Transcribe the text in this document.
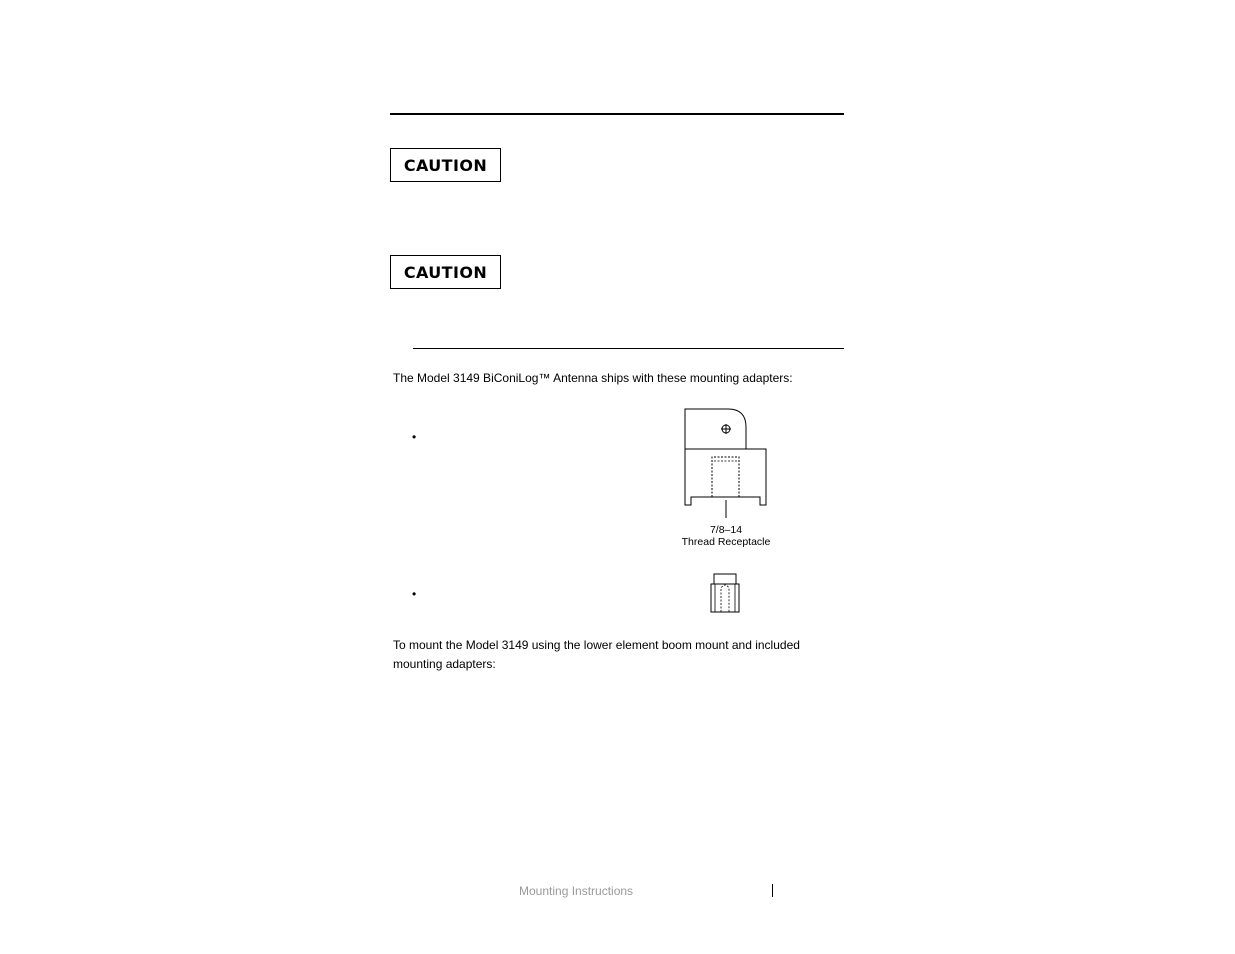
CAUTION
CAUTION
The Model 3149 BiConiLog™ Antenna ships with these mounting adapters:
•
7/8–14
Thread Receptacle
•
To mount the Model 3149 using the lower element boom mount and included mounting adapters:
Mounting Instructions
